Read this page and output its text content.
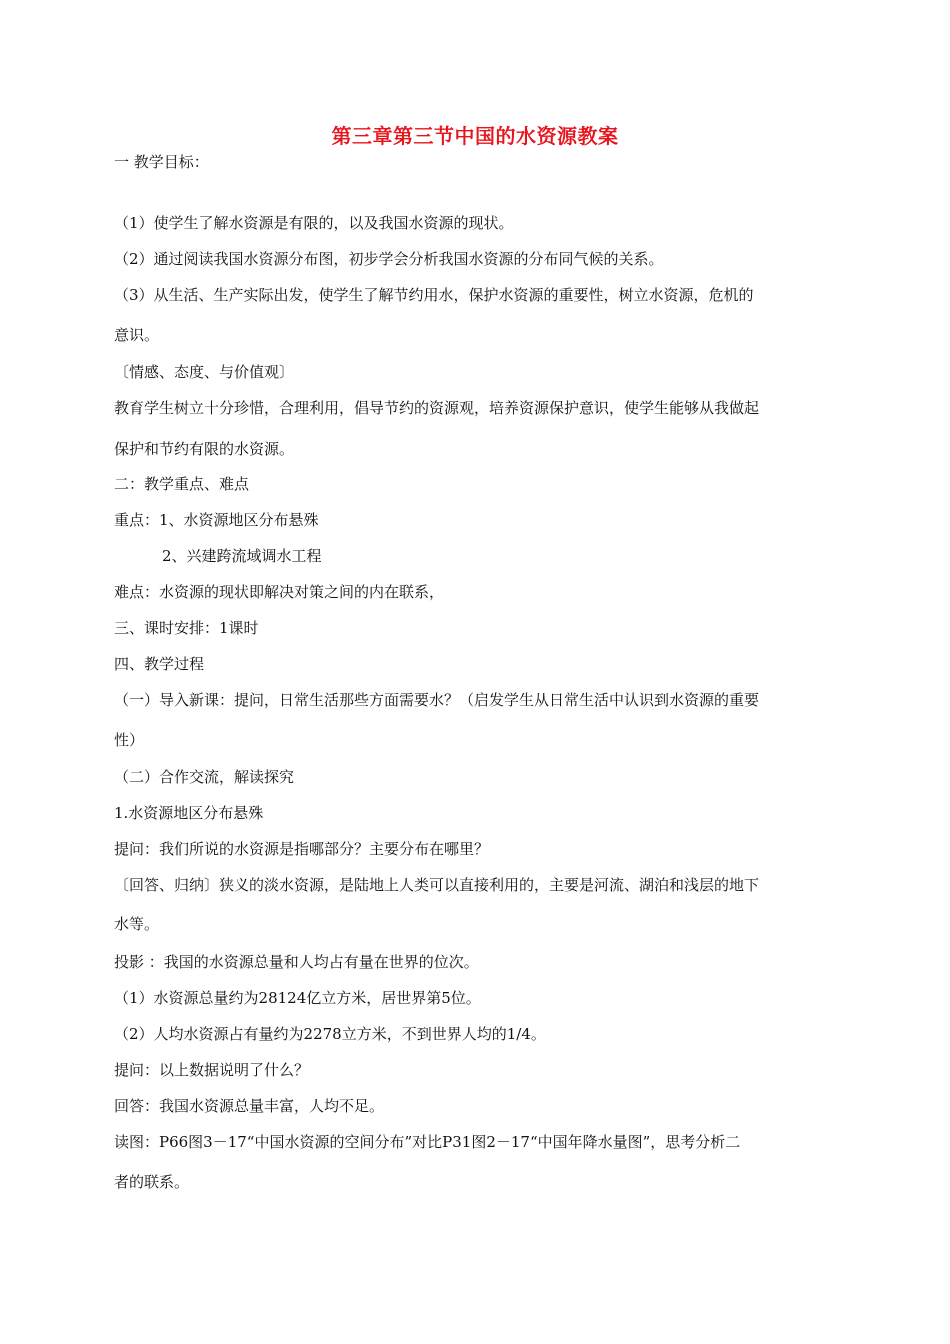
第三章第三节中国的水资源教案
一 教学目标：
（1）使学生了解水资源是有限的，以及我国水资源的现状。
（2）通过阅读我国水资源分布图，初步学会分析我国水资源的分布同气候的关系。
（3）从生活、生产实际出发，使学生了解节约用水，保护水资源的重要性，树立水资源，危机的
意识。
〔情感、态度、与价值观〕
教育学生树立十分珍惜，合理利用，倡导节约的资源观，培养资源保护意识，使学生能够从我做起
保护和节约有限的水资源。
二：教学重点、难点
重点：1、水资源地区分布悬殊
2、兴建跨流域调水工程
难点：水资源的现状即解决对策之间的内在联系，
三、课时安排：1课时
四、教学过程
（一）导入新课：提问，日常生活那些方面需要水？（启发学生从日常生活中认识到水资源的重要
性）
（二）合作交流，解读探究
1.水资源地区分布悬殊
提问：我们所说的水资源是指哪部分？主要分布在哪里？
〔回答、归纳〕狭义的淡水资源，是陆地上人类可以直接利用的，主要是河流、湖泊和浅层的地下
水等。
投影 ：我国的水资源总量和人均占有量在世界的位次。
（1）水资源总量约为28124亿立方米，居世界第5位。
（2）人均水资源占有量约为2278立方米，不到世界人均的1/4。
提问：以上数据说明了什么？
回答：我国水资源总量丰富，人均不足。
读图：P66图3－17“中国水资源的空间分布”对比P31图2－17“中国年降水量图”，思考分析二
者的联系。
